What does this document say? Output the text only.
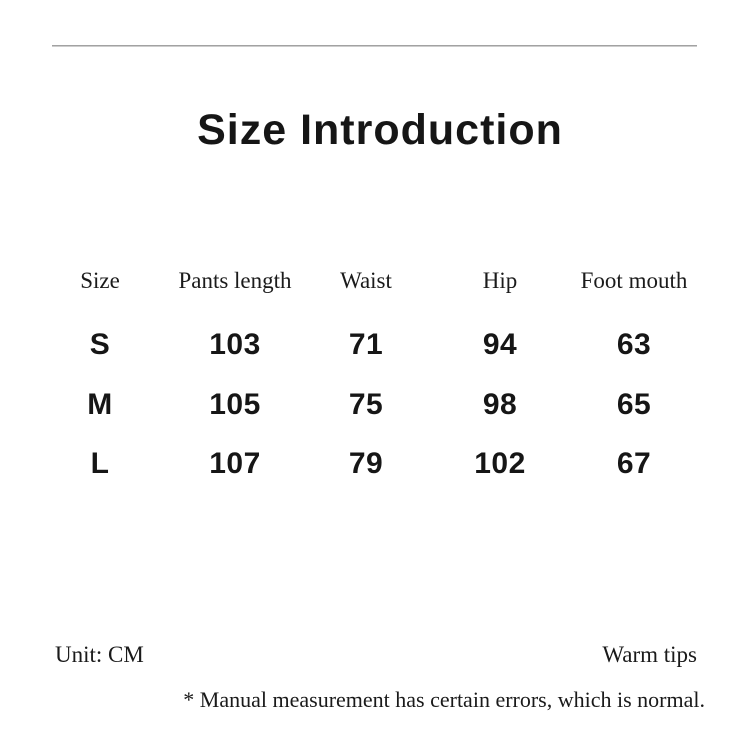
Size Introduction
Size	Pants length	Waist	Hip	Foot mouth
S	103	71	94	63
M	105	75	98	65
L	107	79	102	67
Unit: CM	Warm tips
* Manual measurement has certain errors, which is normal.
